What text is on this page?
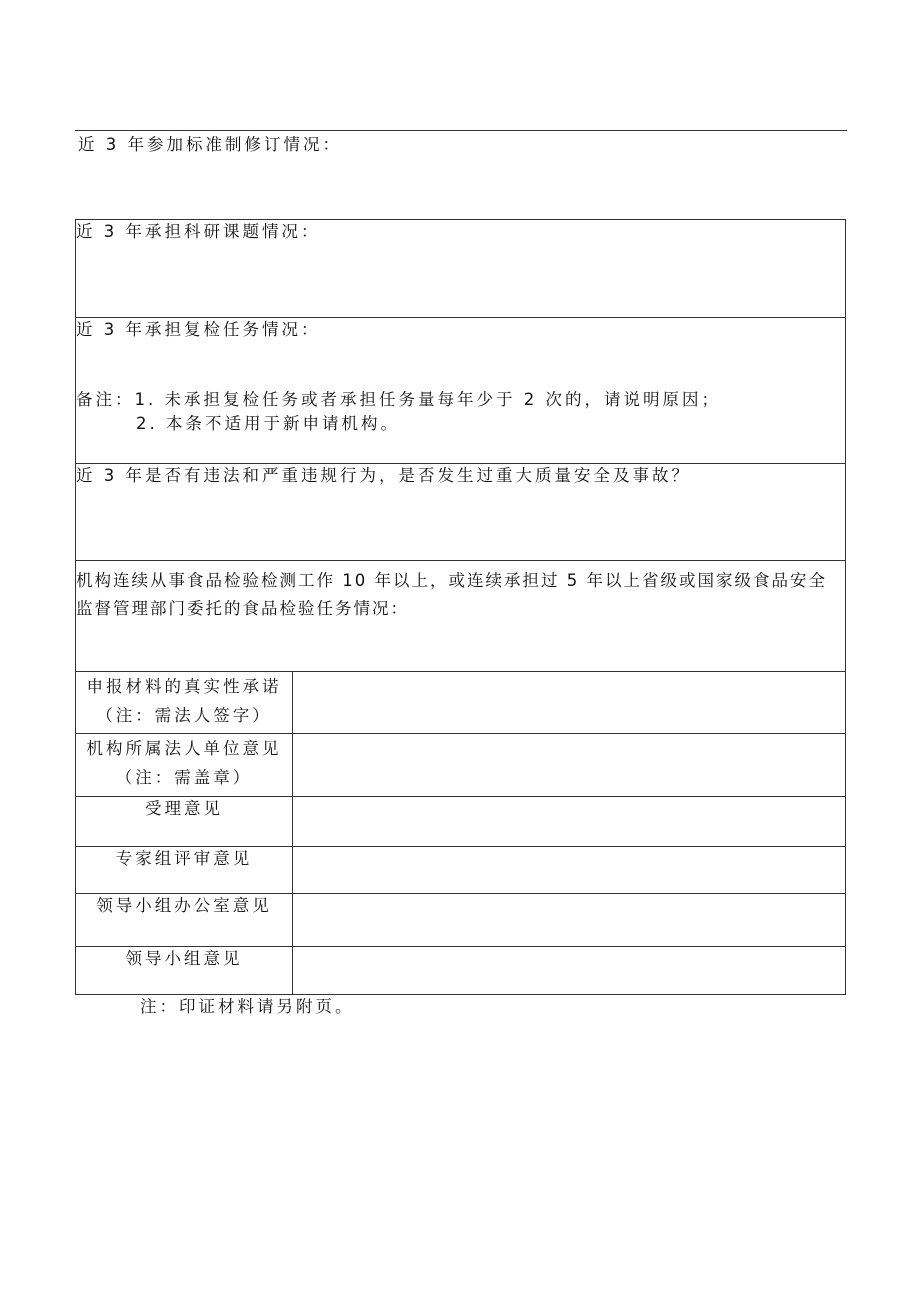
近 3 年参加标准制修订情况：
近 3 年承担科研课题情况：	

近 3 年承担复检任务情况：
备注：1. 未承担复检任务或者承担任务量每年少于 2 次的，请说明原因；
2. 本条不适用于新申请机构。	

近 3 年是否有违法和严重违规行为，是否发生过重大质量安全及事故？	

机构连续从事食品检验检测工作 10 年以上，或连续承担过 5 年以上省级或国家级食品安全监督管理部门委托的食品检验任务情况：	

申报材料的真实性承诺
（注：需法人签字）	

机构所属法人单位意见
（注：需盖章）	

受理意见	

专家组评审意见	

领导小组办公室意见	

领导小组意见	

注：印证材料请另附页。
